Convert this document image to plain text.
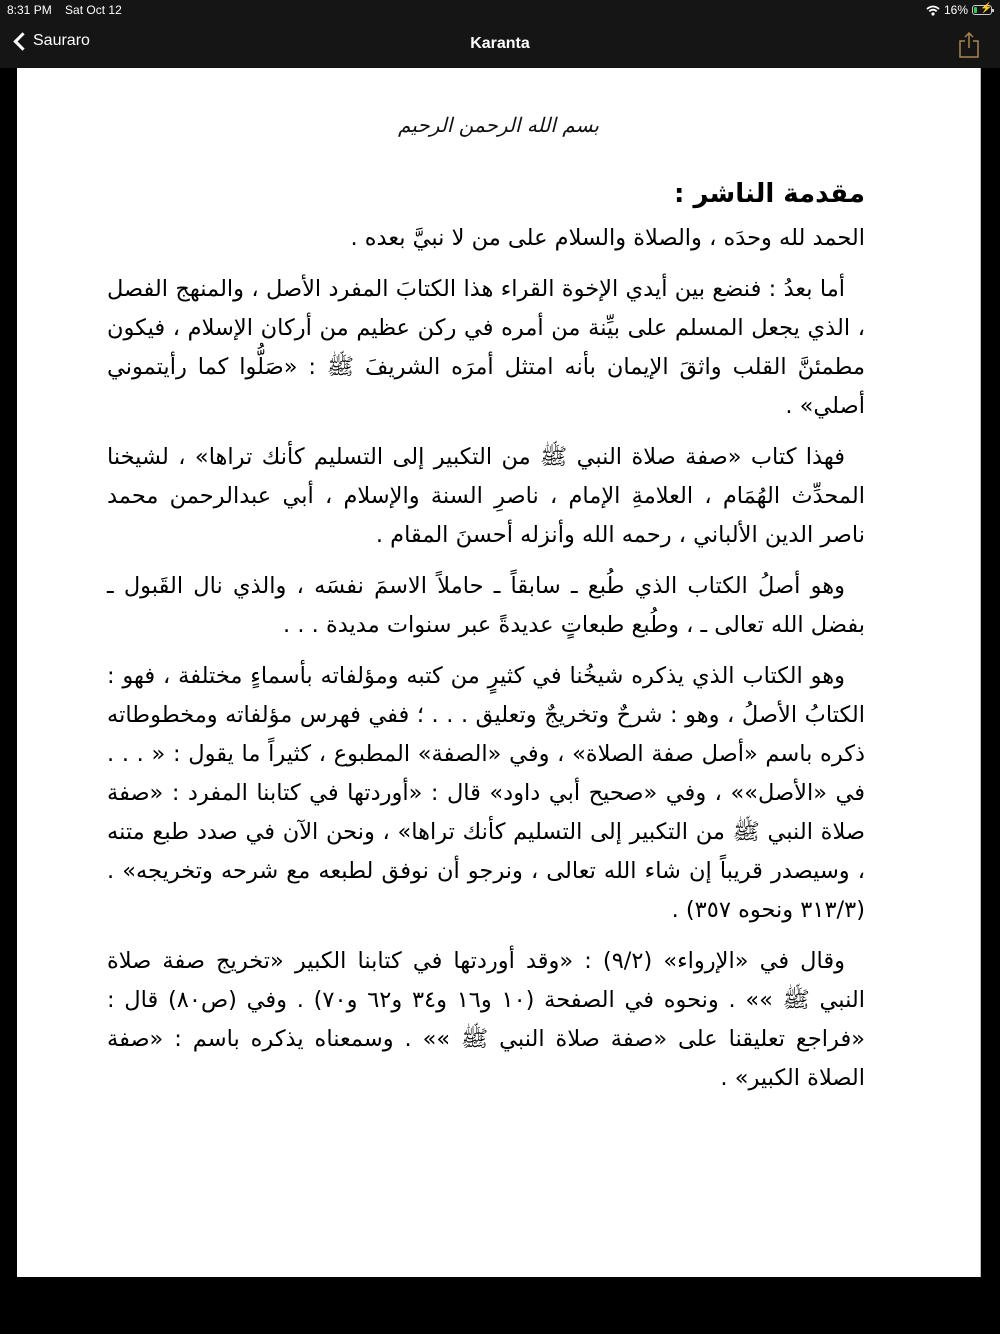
8:31 PM Sat Oct 12	16% ⚡
Sauraro	Karanta
بسم الله الرحمن الرحيم
مقدمة الناشر :

الحمد لله وحدَه ، والصلاة والسلام على من لا نبيَّ بعده .

أما بعدُ : فنضع بين أيدي الإخوة القراء هذا الكتابَ المفرد الأصل ، والمنهج الفصل ، الذي يجعل المسلم على بيِّنة من أمره في ركن عظيم من أركان الإسلام ، فيكون مطمئنَّ القلب واثقَ الإيمان بأنه امتثل أمرَه الشريفَ ﷺ : «صَلُّوا كما رأيتموني أصلي» .

فهذا كتاب «صفة صلاة النبي ﷺ من التكبير إلى التسليم كأنك تراها» ، لشيخنا المحدِّث الهُمَام ، العلامةِ الإمام ، ناصرِ السنة والإسلام ، أبي عبدالرحمن محمد ناصر الدين الألباني ، رحمه الله وأنزله أحسنَ المقام .

وهو أصلُ الكتاب الذي طُبع ـ سابقاً ـ حاملاً الاسمَ نفسَه ، والذي نال القَبول ـ بفضل الله تعالى ـ ، وطُبع طبعاتٍ عديدةً عبر سنوات مديدة . . .

وهو الكتاب الذي يذكره شيخُنا في كثيرٍ من كتبه ومؤلفاته بأسماءٍ مختلفة ، فهو : الكتابُ الأصلُ ، وهو : شرحٌ وتخريجٌ وتعليق . . . ؛ ففي فهرس مؤلفاته ومخطوطاته ذكره باسم «أصل صفة الصلاة» ، وفي «الصفة» المطبوع ، كثيراً ما يقول : « . . . في «الأصل»» ، وفي «صحيح أبي داود» قال : «أوردتها في كتابنا المفرد : «صفة صلاة النبي ﷺ من التكبير إلى التسليم كأنك تراها» ، ونحن الآن في صدد طبع متنه ، وسيصدر قريباً إن شاء الله تعالى ، ونرجو أن نوفق لطبعه مع شرحه وتخريجه» . (٣١٣/٣ ونحوه ٣٥٧) .

وقال في «الإرواء» (٩/٢) : «وقد أوردتها في كتابنا الكبير «تخريج صفة صلاة النبي ﷺ »» . ونحوه في الصفحة (١٠ و١٦ و٣٤ و٦٢ و٧٠) . وفي (ص٨٠) قال : «فراجع تعليقنا على «صفة صلاة النبي ﷺ »» . وسمعناه يذكره باسم : «صفة الصلاة الكبير» .
